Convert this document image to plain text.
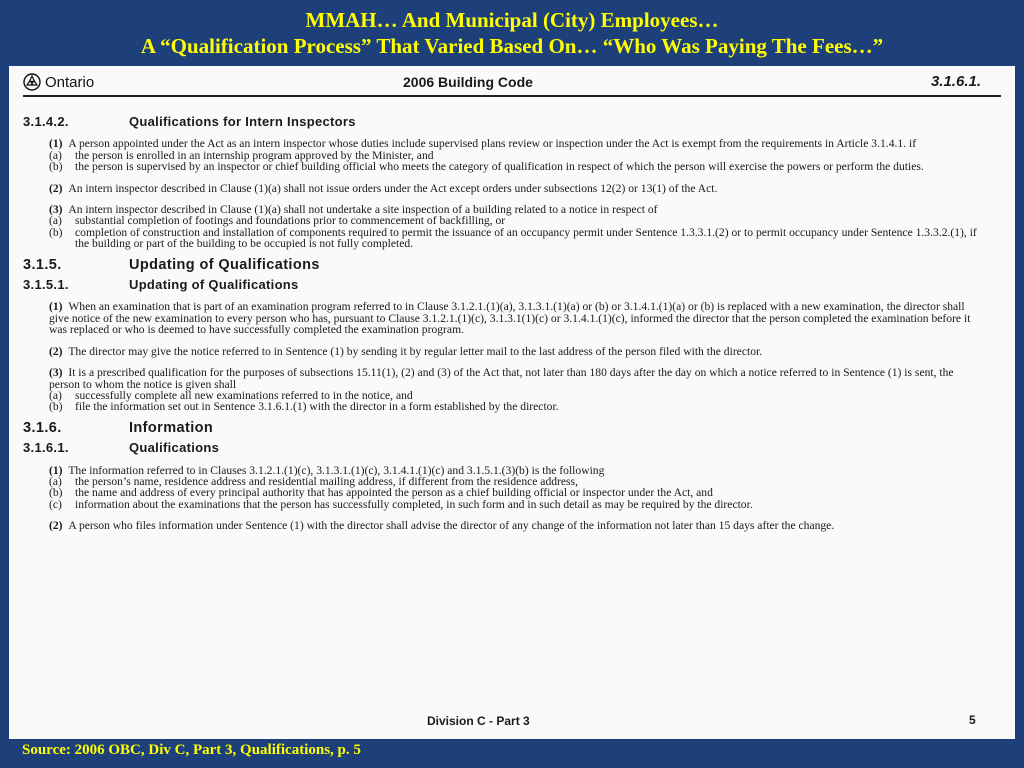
MMAH… And Municipal (City) Employees…
A “Qualification Process” That Varied Based On… “Who Was Paying The Fees…”
Ontario	2006 Building Code	3.1.6.1.
3.1.4.2.	Qualifications for Intern Inspectors

(1) A person appointed under the Act as an intern inspector whose duties include supervised plans review or inspection under the Act is exempt from the requirements in Article 3.1.4.1. if

(a)	the person is enrolled in an internship program approved by the Minister, and
(b)	the person is supervised by an inspector or chief building official who meets the category of qualification in respect of which the person will exercise the powers or perform the duties.

(2) An intern inspector described in Clause (1)(a) shall not issue orders under the Act except orders under subsections 12(2) or 13(1) of the Act.

(3) An intern inspector described in Clause (1)(a) shall not undertake a site inspection of a building related to a notice in respect of

(a)	substantial completion of footings and foundations prior to commencement of backfilling, or
(b)	completion of construction and installation of components required to permit the issuance of an occupancy permit under Sentence 1.3.3.1.(2) or to permit occupancy under Sentence 1.3.3.2.(1), if the building or part of the building to be occupied is not fully completed.
3.1.5.	Updating of Qualifications
3.1.5.1.	Updating of Qualifications

(1) When an examination that is part of an examination program referred to in Clause 3.1.2.1.(1)(a), 3.1.3.1.(1)(a) or (b) or 3.1.4.1.(1)(a) or (b) is replaced with a new examination, the director shall give notice of the new examination to every person who has, pursuant to Clause 3.1.2.1.(1)(c), 3.1.3.1(1)(c) or 3.1.4.1.(1)(c), informed the director that the person completed the examination before it was replaced or who is deemed to have successfully completed the examination program.

(2) The director may give the notice referred to in Sentence (1) by sending it by regular letter mail to the last address of the person filed with the director.

(3) It is a prescribed qualification for the purposes of subsections 15.11(1), (2) and (3) of the Act that, not later than 180 days after the day on which a notice referred to in Sentence (1) is sent, the person to whom the notice is given shall

(a)	successfully complete all new examinations referred to in the notice, and
(b)	file the information set out in Sentence 3.1.6.1.(1) with the director in a form established by the director.
3.1.6.	Information
3.1.6.1.	Qualifications

(1) The information referred to in Clauses 3.1.2.1.(1)(c), 3.1.3.1.(1)(c), 3.1.4.1.(1)(c) and 3.1.5.1.(3)(b) is the following

(a)	the person’s name, residence address and residential mailing address, if different from the residence address,
(b)	the name and address of every principal authority that has appointed the person as a chief building official or inspector under the Act, and
(c)	information about the examinations that the person has successfully completed, in such form and in such detail as may be required by the director.

(2) A person who files information under Sentence (1) with the director shall advise the director of any change of the information not later than 15 days after the change.

Division C - Part 3	5
Source: 2006 OBC, Div C, Part 3, Qualifications, p. 5
